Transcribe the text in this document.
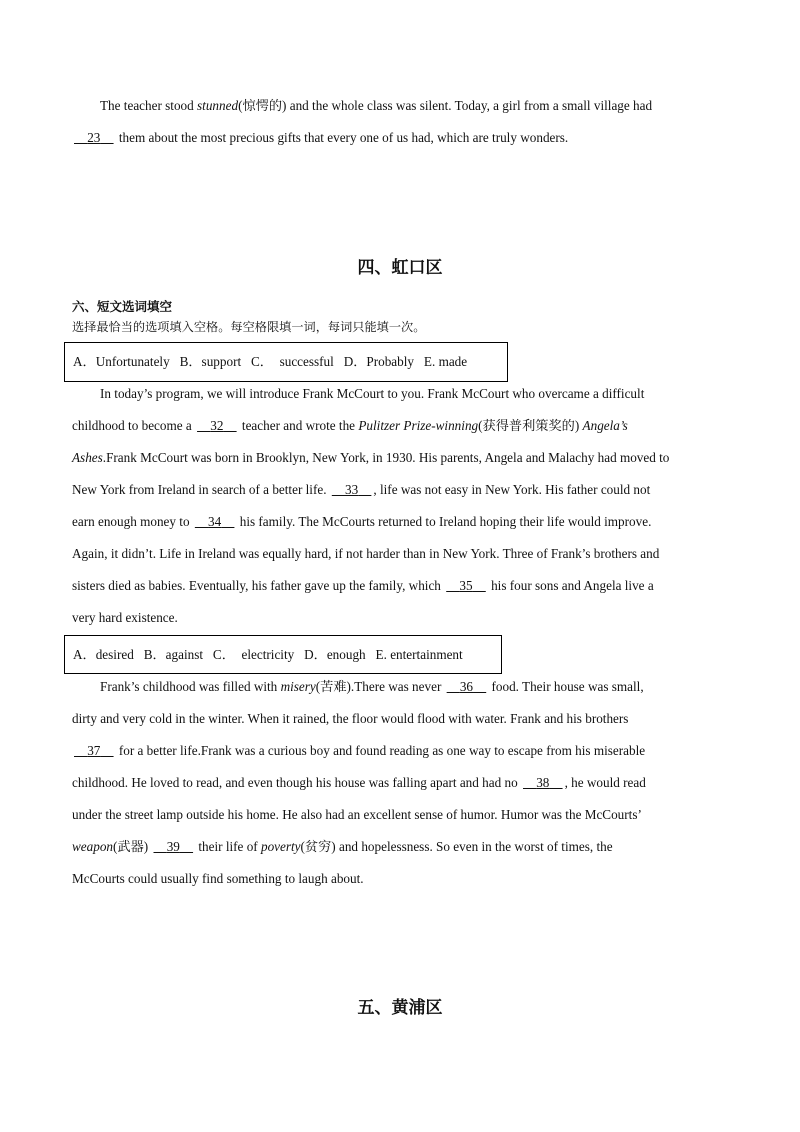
The teacher stood stunned(惊愕的) and the whole class was silent. Today, a girl from a small village had
23 them about the most precious gifts that every one of us had, which are truly wonders.
四、虹口区
六、短文选词填空
选择最恰当的选项填入空格。每空格限填一词，每词只能填一次。
A．Unfortunately B．support C．  successful D．Probably E. made
In today’s program, we will introduce Frank McCourt to you. Frank McCourt who overcame a difficult
childhood to become a 32 teacher and wrote the Pulitzer Prize-winning(获得普利策奖的) Angela’s
Ashes.Frank McCourt was born in Brooklyn, New York, in 1930. His parents, Angela and Malachy had moved to
New York from Ireland in search of a better life. 33 , life was not easy in New York. His father could not
earn enough money to 34 his family. The McCourts returned to Ireland hoping their life would improve.
Again, it didn’t. Life in Ireland was equally hard, if not harder than in New York. Three of Frank’s brothers and
sisters died as babies. Eventually, his father gave up the family, which 35 his four sons and Angela live a
very hard existence.
A．desired B．against C．  electricity D．enough E. entertainment
Frank’s childhood was filled with misery(苦难).There was never 36 food. Their house was small,
dirty and very cold in the winter. When it rained, the floor would flood with water. Frank and his brothers
37 for a better life.Frank was a curious boy and found reading as one way to escape from his miserable
childhood. He loved to read, and even though his house was falling apart and had no 38 , he would read
under the street lamp outside his home. He also had an excellent sense of humor. Humor was the McCourts’
weapon(武器) 39 their life of poverty(贫穷) and hopelessness. So even in the worst of times, the
McCourts could usually find something to laugh about.
五、黄浦区
